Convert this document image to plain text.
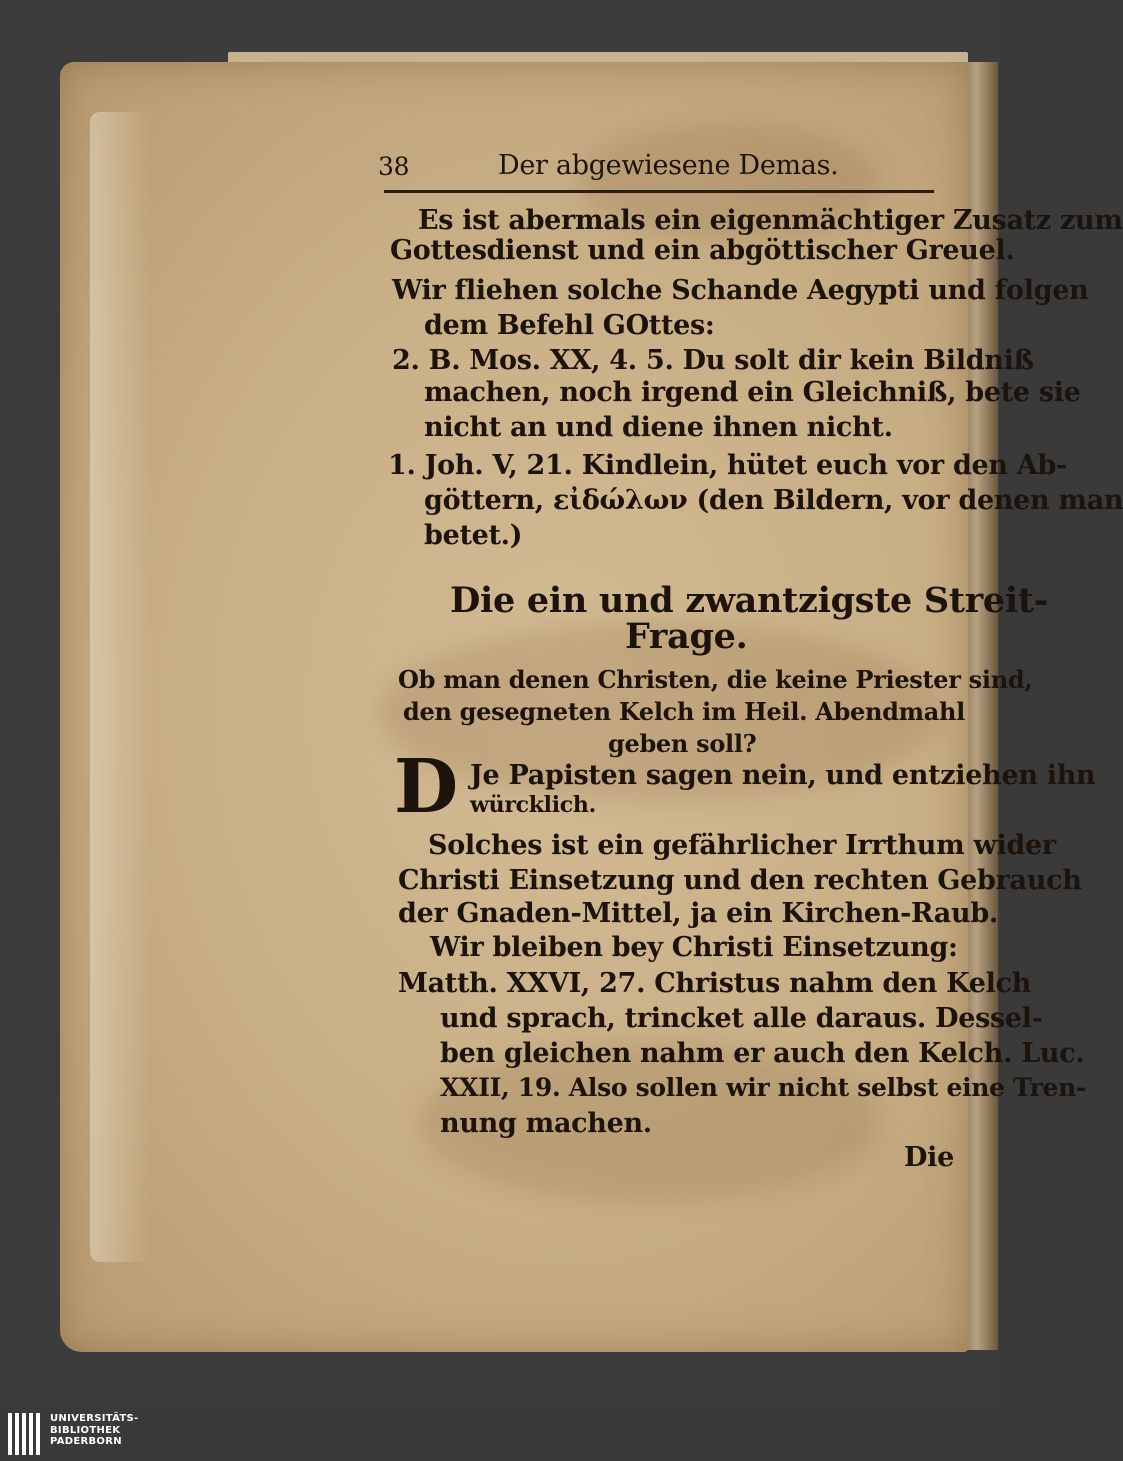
38	Der abgewiesene Demas.
Es ist abermals ein eigenmächtiger Zusatz zum
Gottesdienst und ein abgöttischer Greuel.
Wir fliehen solche Schande Aegypti und folgen
dem Befehl GOttes:
2. B. Mos. XX, 4. 5. Du solt dir kein Bildniß
machen, noch irgend ein Gleichniß, bete sie
nicht an und diene ihnen nicht.
1. Joh. V, 21. Kindlein, hütet euch vor den Ab-
göttern, εἰδώλων (den Bildern, vor denen man
betet.)
Die ein und zwantzigste Streit-
Frage.
Ob man denen Christen, die keine Priester sind,
den gesegneten Kelch im Heil. Abendmahl
geben soll?
D Je Papisten sagen nein, und entziehen ihn
würcklich.
Solches ist ein gefährlicher Irrthum wider
Christi Einsetzung und den rechten Gebrauch
der Gnaden-Mittel, ja ein Kirchen-Raub.
Wir bleiben bey Christi Einsetzung:
Matth. XXVI, 27. Christus nahm den Kelch
und sprach, trincket alle daraus. Dessel-
ben gleichen nahm er auch den Kelch. Luc.
XXII, 19. Also sollen wir nicht selbst eine Tren-
nung machen.
Die
UNIVERSITÄTS-
BIBLIOTHEK
PADERBORN
